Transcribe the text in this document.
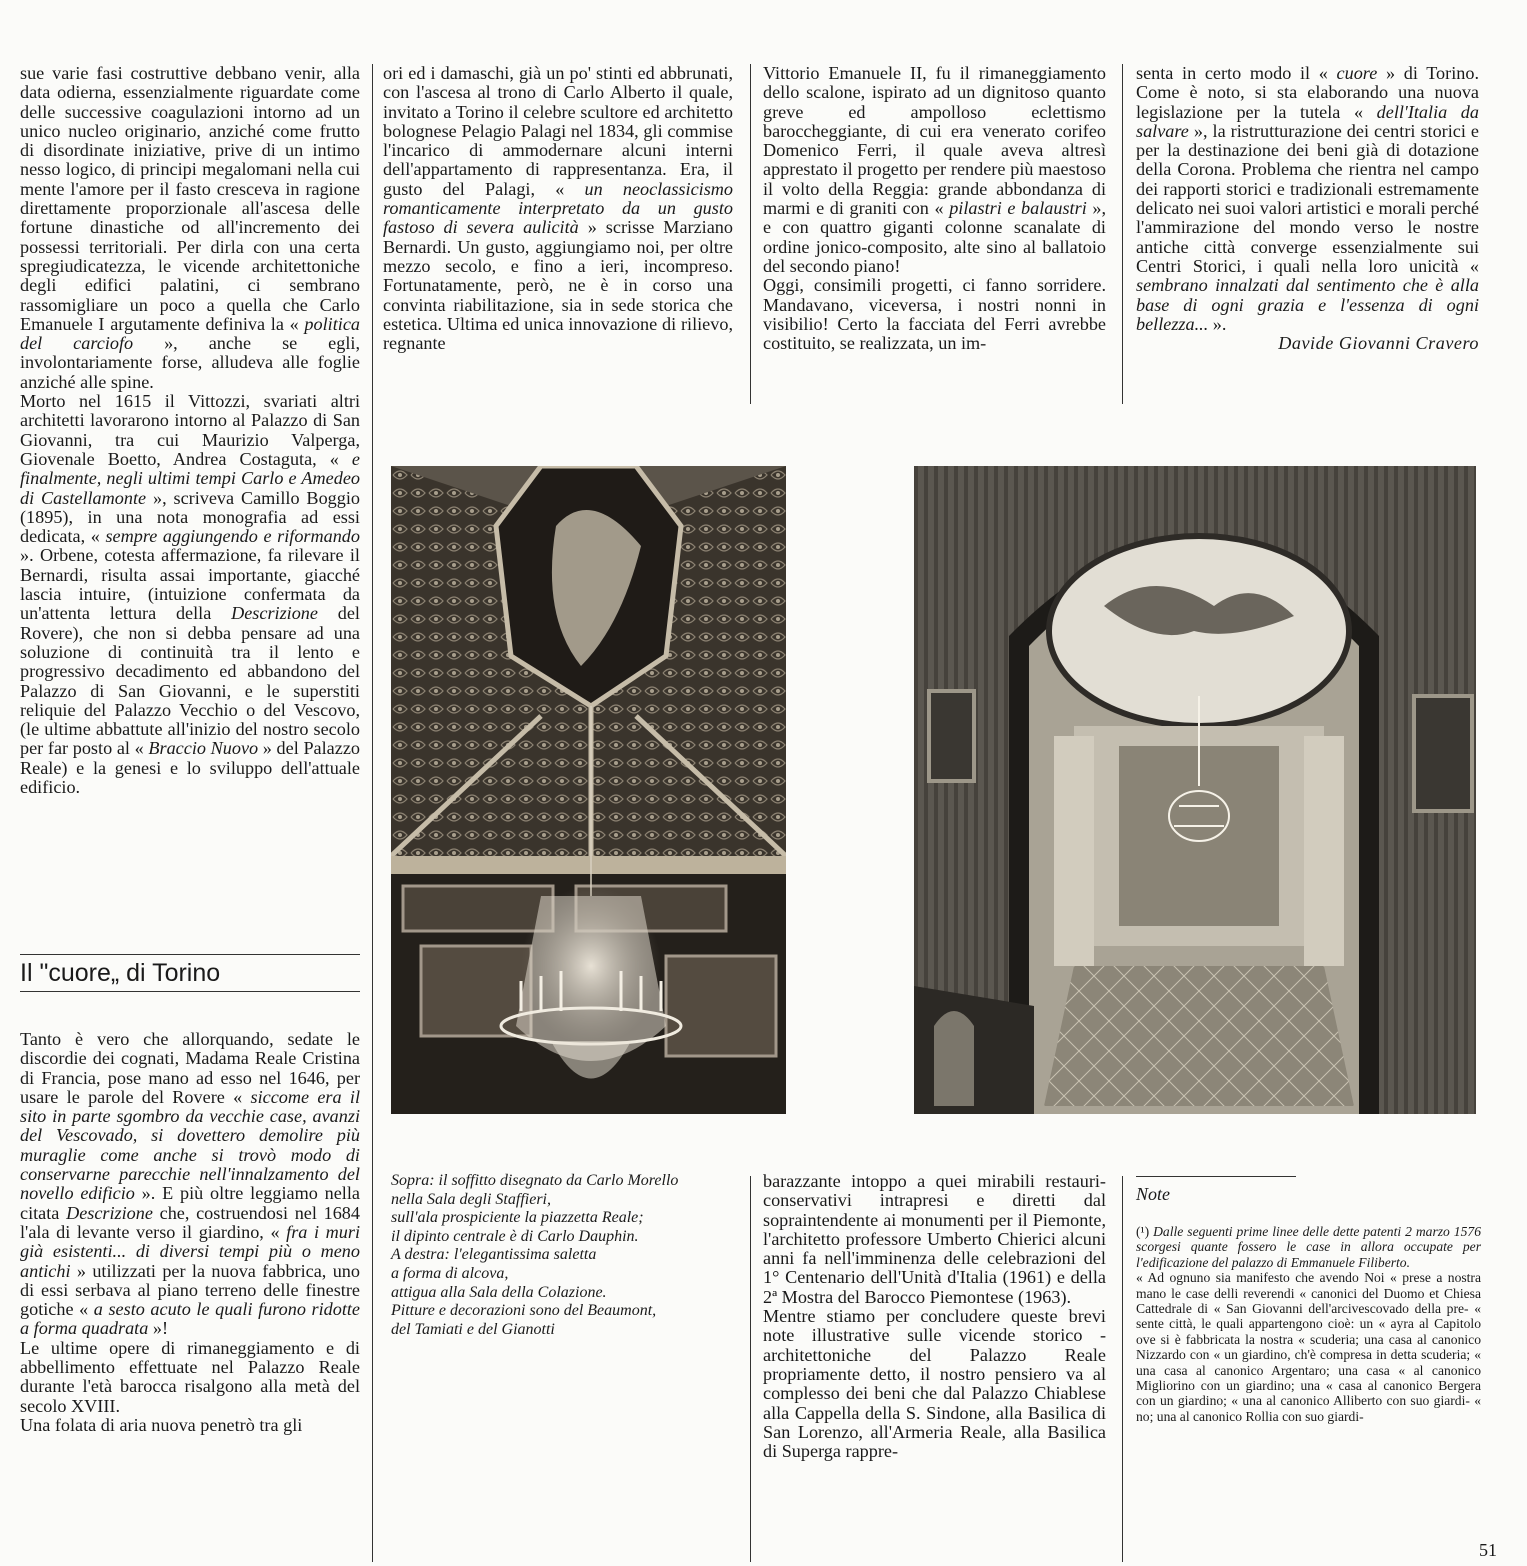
sue varie fasi costruttive debbano venir, alla data odierna, essenzialmente riguardate come delle successive coagulazioni intorno ad un unico nucleo originario, anziché come frutto di disordinate iniziative, prive di un intimo nesso logico, di principi megalomani nella cui mente l'amore per il fasto cresceva in ragione direttamente proporzionale all'ascesa delle fortune dinastiche od all'incremento dei possessi territoriali. Per dirla con una certa spregiudicatezza, le vicende architettoniche degli edifici palatini, ci sembrano rassomigliare un poco a quella che Carlo Emanuele I argutamente definiva la « politica del carciofo », anche se egli, involontariamente forse, alludeva alle foglie anziché alle spine.

Morto nel 1615 il Vittozzi, svariati altri architetti lavorarono intorno al Palazzo di San Giovanni, tra cui Maurizio Valperga, Giovenale Boetto, Andrea Costaguta, « e finalmente, negli ultimi tempi Carlo e Amedeo di Castellamonte », scriveva Camillo Boggio (1895), in una nota monografia ad essi dedicata, « sempre aggiungendo e riformando ». Orbene, cotesta affermazione, fa rilevare il Bernardi, risulta assai importante, giacché lascia intuire, (intuizione confermata da un'attenta lettura della Descrizione del Rovere), che non si debba pensare ad una soluzione di continuità tra il lento e progressivo decadimento ed abbandono del Palazzo di San Giovanni, e le superstiti reliquie del Palazzo Vecchio o del Vescovo, (le ultime abbattute all'inizio del nostro secolo per far posto al « Braccio Nuovo » del Palazzo Reale) e la genesi e lo sviluppo dell'attuale edificio.

Il "cuore„ di Torino

Tanto è vero che allorquando, sedate le discordie dei cognati, Madama Reale Cristina di Francia, pose mano ad esso nel 1646, per usare le parole del Rovere « siccome era il sito in parte sgombro da vecchie case, avanzi del Vescovado, si dovettero demolire più muraglie come anche si trovò modo di conservarne parecchie nell'innalzamento del novello edificio ». E più oltre leggiamo nella citata Descrizione che, costruendosi nel 1684 l'ala di levante verso il giardino, « fra i muri già esistenti... di diversi tempi più o meno antichi » utilizzati per la nuova fabbrica, uno di essi serbava al piano terreno delle finestre gotiche « a sesto acuto le quali furono ridotte a forma quadrata »!

Le ultime opere di rimaneggiamento e di abbellimento effettuate nel Palazzo Reale durante l'età barocca risalgono alla metà del secolo XVIII.

Una folata di aria nuova penetrò tra gli

ori ed i damaschi, già un po' stinti ed abbrunati, con l'ascesa al trono di Carlo Alberto il quale, invitato a Torino il celebre scultore ed architetto bolognese Pelagio Palagi nel 1834, gli commise l'incarico di ammodernare alcuni interni dell'appartamento di rappresentanza. Era, il gusto del Palagi, « un neoclassicismo romanticamente interpretato da un gusto fastoso di severa aulicità » scrisse Marziano Bernardi. Un gusto, aggiungiamo noi, per oltre mezzo secolo, e fino a ieri, incompreso. Fortunatamente, però, ne è in corso una convinta riabilitazione, sia in sede storica che estetica. Ultima ed unica innovazione di rilievo, regnante

Vittorio Emanuele II, fu il rimaneggiamento dello scalone, ispirato ad un dignitoso quanto greve ed ampolloso eclettismo baroccheggiante, di cui era venerato corifeo Domenico Ferri, il quale aveva altresì apprestato il progetto per rendere più maestoso il volto della Reggia: grande abbondanza di marmi e di graniti con « pilastri e balaustri », e con quattro giganti colonne scanalate di ordine jonico-composito, alte sino al ballatoio del secondo piano!

Oggi, consimili progetti, ci fanno sorridere. Mandavano, viceversa, i nostri nonni in visibilio! Certo la facciata del Ferri avrebbe costituito, se realizzata, un im-

senta in certo modo il « cuore » di Torino. Come è noto, si sta elaborando una nuova legislazione per la tutela « dell'Italia da salvare », la ristrutturazione dei centri storici e per la destinazione dei beni già di dotazione della Corona. Problema che rientra nel campo dei rapporti storici e tradizionali estremamente delicato nei suoi valori artistici e morali perché l'ammirazione del mondo verso le nostre antiche città converge essenzialmente sui Centri Storici, i quali nella loro unicità « sembrano innalzati dal sentimento che è alla base di ogni grazia e l'essenza di ogni bellezza... ».

Davide Giovanni Cravero

Sopra: il soffitto disegnato da Carlo Morello
nella Sala degli Staffieri,
sull'ala prospiciente la piazzetta Reale;
il dipinto centrale è di Carlo Dauphin.
A destra: l'elegantissima saletta
a forma di alcova,
attigua alla Sala della Colazione.
Pitture e decorazioni sono del Beaumont,
del Tamiati e del Gianotti

barazzante intoppo a quei mirabili restauri-conservativi intrapresi e diretti dal sopraintendente ai monumenti per il Piemonte, l'architetto professore Umberto Chierici alcuni anni fa nell'imminenza delle celebrazioni del 1° Centenario dell'Unità d'Italia (1961) e della 2ª Mostra del Barocco Piemontese (1963).

Mentre stiamo per concludere queste brevi note illustrative sulle vicende storico - architettoniche del Palazzo Reale propriamente detto, il nostro pensiero va al complesso dei beni che dal Palazzo Chiablese alla Cappella della S. Sindone, alla Basilica di San Lorenzo, all'Armeria Reale, alla Basilica di Superga rappre-

Note

(¹) Dalle seguenti prime linee delle dette patenti 2 marzo 1576 scorgesi quante fossero le case in allora occupate per l'edificazione del palazzo di Emmanuele Filiberto.

« Ad ognuno sia manifesto che avendo Noi « prese a nostra mano le case delli reverendi « canonici del Duomo et Chiesa Cattedrale di « San Giovanni dell'arcivescovado della pre- « sente città, le quali appartengono cioè: un « ayra al Capitolo ove si è fabbricata la nostra « scuderia; una casa al canonico Nizzardo con « un giardino, ch'è compresa in detta scuderia; « una casa al canonico Argentaro; una casa « al canonico Migliorino con un giardino; una « casa al canonico Bergera con un giardino; « una al canonico Alliberto con suo giardi- « no; una al canonico Rollia con suo giardi-

51
